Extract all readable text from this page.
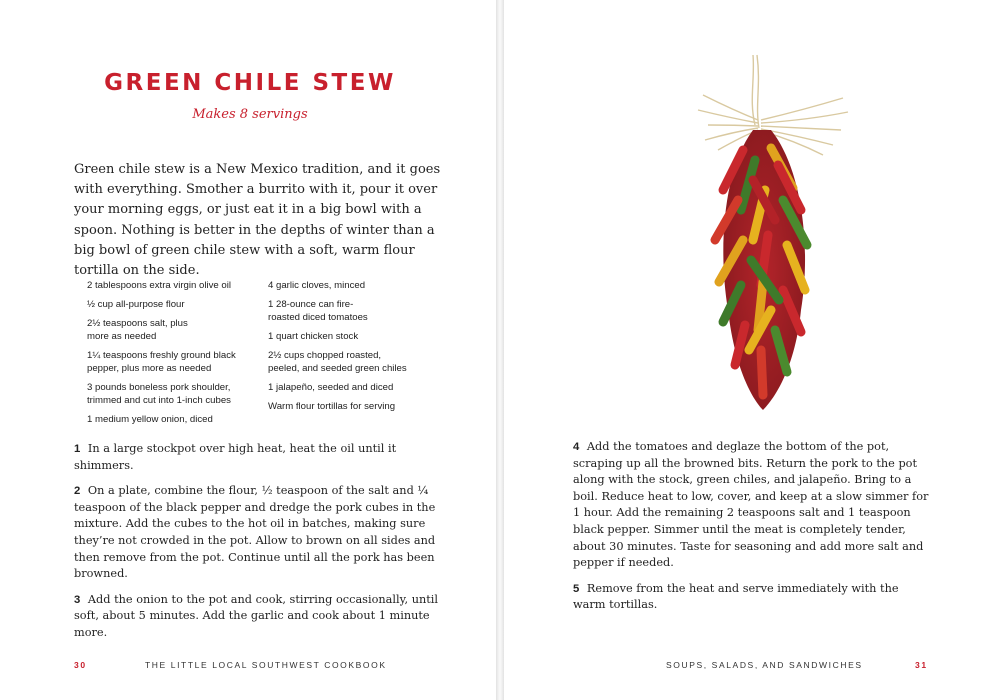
GREEN CHILE STEW
Makes 8 servings

Green chile stew is a New Mexico tradition, and it goes with everything. Smother a burrito with it, pour it over your morning eggs, or just eat it in a big bowl with a spoon. Nothing is better in the depths of winter than a big bowl of green chile stew with a soft, warm flour tortilla on the side.

2 tablespoons extra virgin olive oil

½ cup all-purpose flour

2½ teaspoons salt, plus
more as needed

1¼ teaspoons freshly ground black
pepper, plus more as needed

3 pounds boneless pork shoulder,
trimmed and cut into 1-inch cubes

1 medium yellow onion, diced

4 garlic cloves, minced

1 28-ounce can fire-
roasted diced tomatoes

1 quart chicken stock

2½ cups chopped roasted,
peeled, and seeded green chiles

1 jalapeño, seeded and diced

Warm flour tortillas for serving

1 In a large stockpot over high heat, heat the oil until it shimmers.

2 On a plate, combine the flour, ½ teaspoon of the salt and ¼ teaspoon of the black pepper and dredge the pork cubes in the mixture. Add the cubes to the hot oil in batches, making sure they’re not crowded in the pot. Allow to brown on all sides and then remove from the pot. Continue until all the pork has been browned.

3 Add the onion to the pot and cook, stirring occasionally, until soft, about 5 minutes. Add the garlic and cook about 1 minute more.

30	THE LITTLE LOCAL SOUTHWEST COOKBOOK

4 Add the tomatoes and deglaze the bottom of the pot, scraping up all the browned bits. Return the pork to the pot along with the stock, green chiles, and jalapeño. Bring to a boil. Reduce heat to low, cover, and keep at a slow simmer for 1 hour. Add the remaining 2 teaspoons salt and 1 teaspoon black pepper. Simmer until the meat is completely tender, about 30 minutes. Taste for seasoning and add more salt and pepper if needed.

5 Remove from the heat and serve immediately with the warm tortillas.

SOUPS, SALADS, AND SANDWICHES	31
